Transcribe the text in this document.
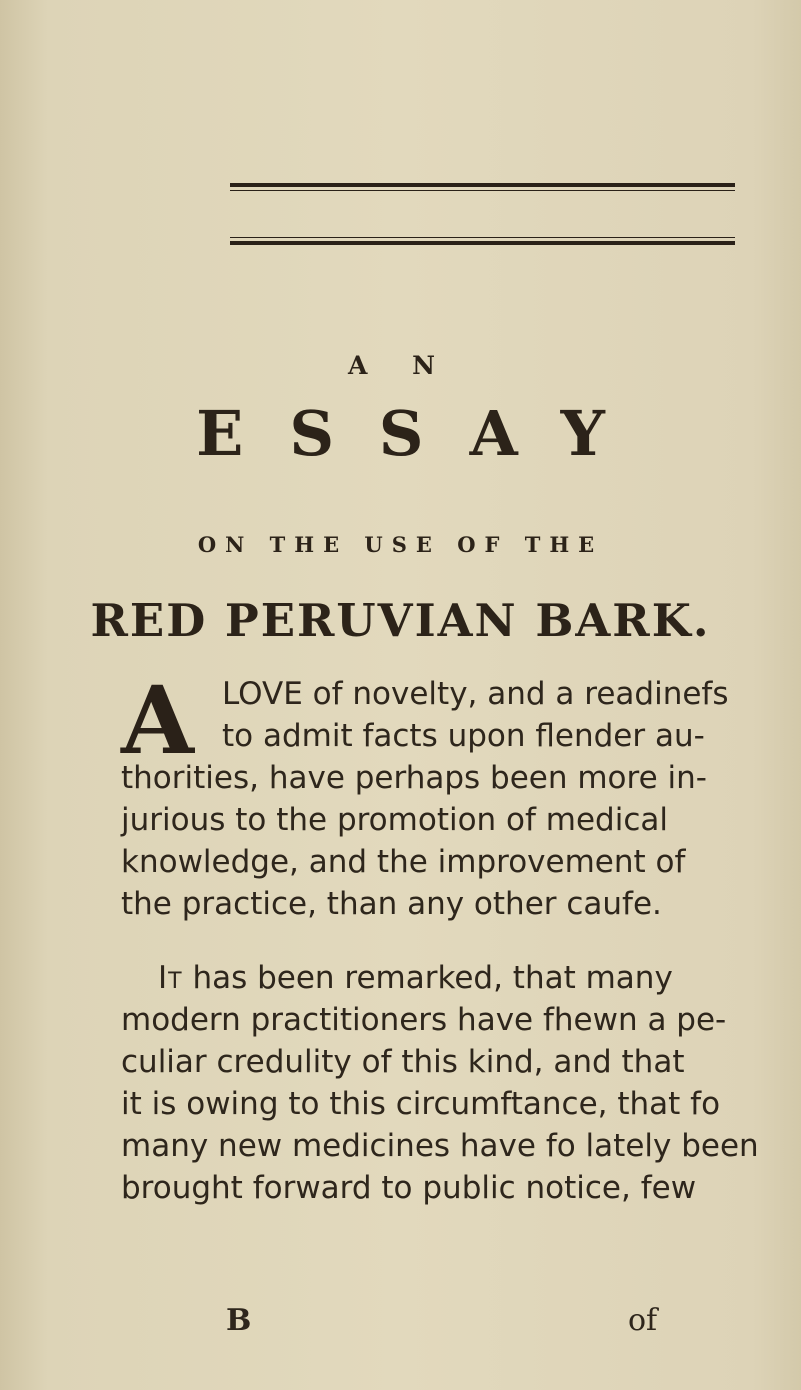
A N
ESSAY
ON THE USE OF THE
RED PERUVIAN BARK.
A LOVE of novelty, and a readinefs
to admit facts upon flender au-
thorities, have perhaps been more in-
jurious to the promotion of medical
knowledge, and the improvement of
the practice, than any other caufe.
It has been remarked, that many
modern practitioners have fhewn a pe-
culiar credulity of this kind, and that
it is owing to this circumftance, that fo
many new medicines have fo lately been
brought forward to public notice, few
B	of
